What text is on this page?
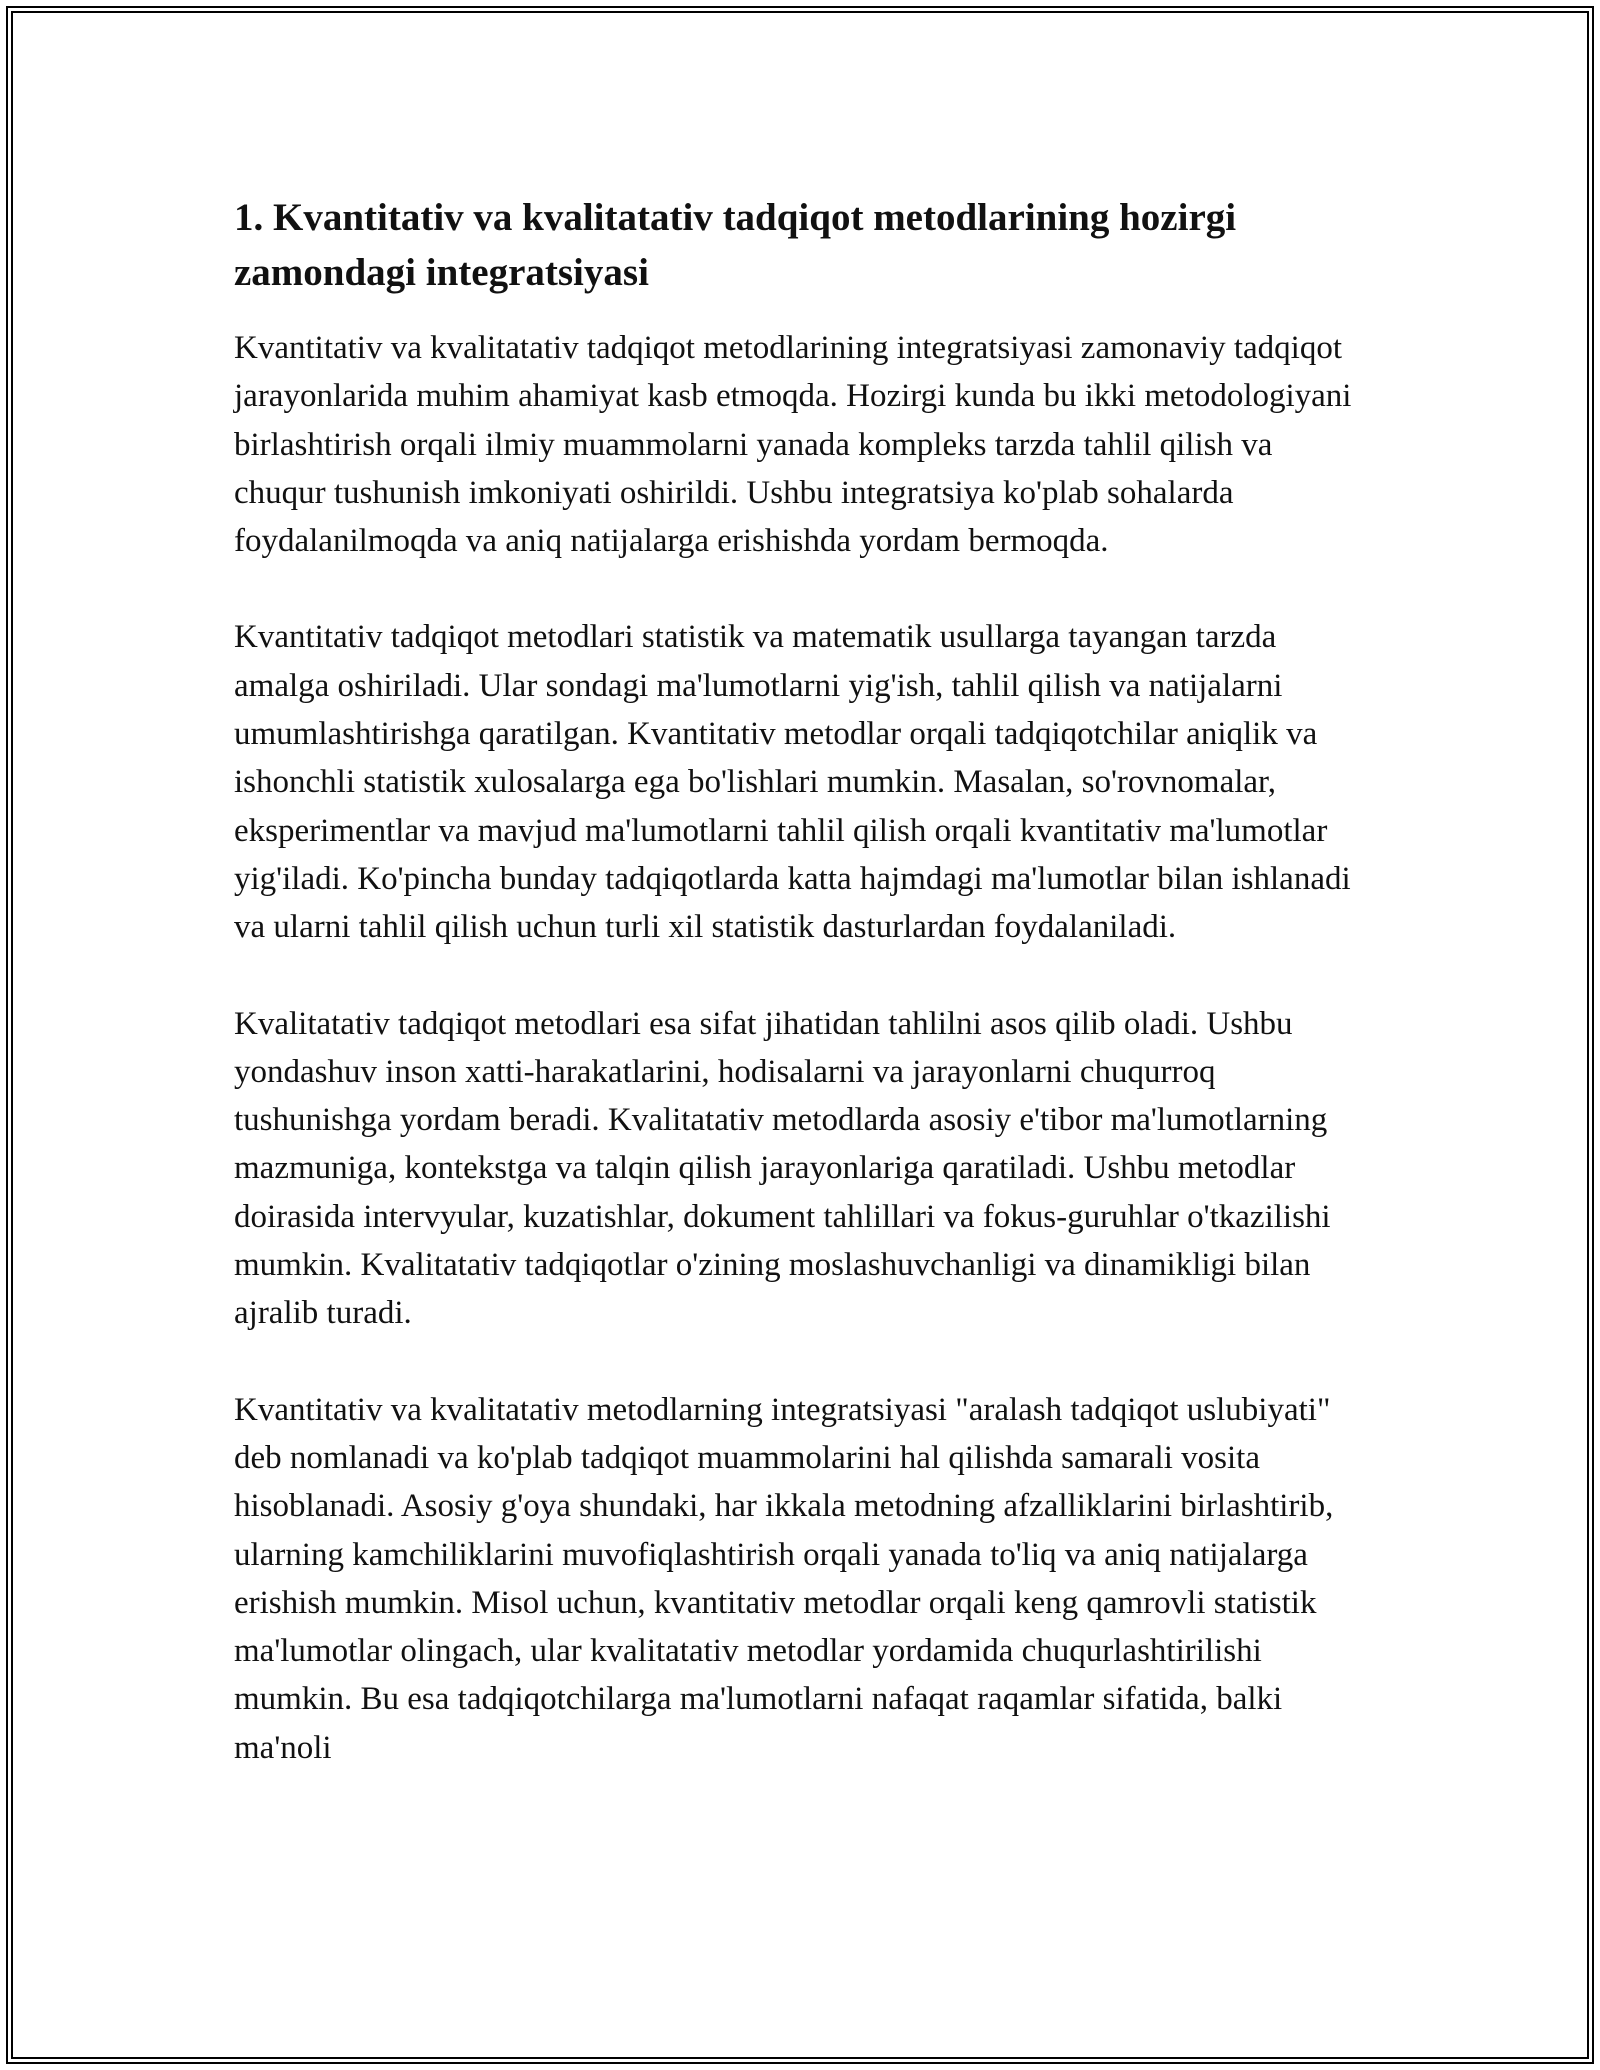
1. Kvantitativ va kvalitatativ tadqiqot metodlarining hozirgi zamondagi integratsiyasi

Kvantitativ va kvalitatativ tadqiqot metodlarining integratsiyasi zamonaviy tadqiqot jarayonlarida muhim ahamiyat kasb etmoqda. Hozirgi kunda bu ikki metodologiyani birlashtirish orqali ilmiy muammolarni yanada kompleks tarzda tahlil qilish va chuqur tushunish imkoniyati oshirildi. Ushbu integratsiya ko'plab sohalarda foydalanilmoqda va aniq natijalarga erishishda yordam bermoqda.

Kvantitativ tadqiqot metodlari statistik va matematik usullarga tayangan tarzda amalga oshiriladi. Ular sondagi ma'lumotlarni yig'ish, tahlil qilish va natijalarni umumlashtirishga qaratilgan. Kvantitativ metodlar orqali tadqiqotchilar aniqlik va ishonchli statistik xulosalarga ega bo'lishlari mumkin. Masalan, so'rovnomalar, eksperimentlar va mavjud ma'lumotlarni tahlil qilish orqali kvantitativ ma'lumotlar yig'iladi. Ko'pincha bunday tadqiqotlarda katta hajmdagi ma'lumotlar bilan ishlanadi va ularni tahlil qilish uchun turli xil statistik dasturlardan foydalaniladi.

Kvalitatativ tadqiqot metodlari esa sifat jihatidan tahlilni asos qilib oladi. Ushbu yondashuv inson xatti-harakatlarini, hodisalarni va jarayonlarni chuqurroq tushunishga yordam beradi. Kvalitatativ metodlarda asosiy e'tibor ma'lumotlarning mazmuniga, kontekstga va talqin qilish jarayonlariga qaratiladi. Ushbu metodlar doirasida intervyular, kuzatishlar, dokument tahlillari va fokus-guruhlar o'tkazilishi mumkin. Kvalitatativ tadqiqotlar o'zining moslashuvchanligi va dinamikligi bilan ajralib turadi.

Kvantitativ va kvalitatativ metodlarning integratsiyasi "aralash tadqiqot uslubiyati" deb nomlanadi va ko'plab tadqiqot muammolarini hal qilishda samarali vosita hisoblanadi. Asosiy g'oya shundaki, har ikkala metodning afzalliklarini birlashtirib, ularning kamchiliklarini muvofiqlashtirish orqali yanada to'liq va aniq natijalarga erishish mumkin. Misol uchun, kvantitativ metodlar orqali keng qamrovli statistik ma'lumotlar olingach, ular kvalitatativ metodlar yordamida chuqurlashtirilishi mumkin. Bu esa tadqiqotchilarga ma'lumotlarni nafaqat raqamlar sifatida, balki ma'noli
